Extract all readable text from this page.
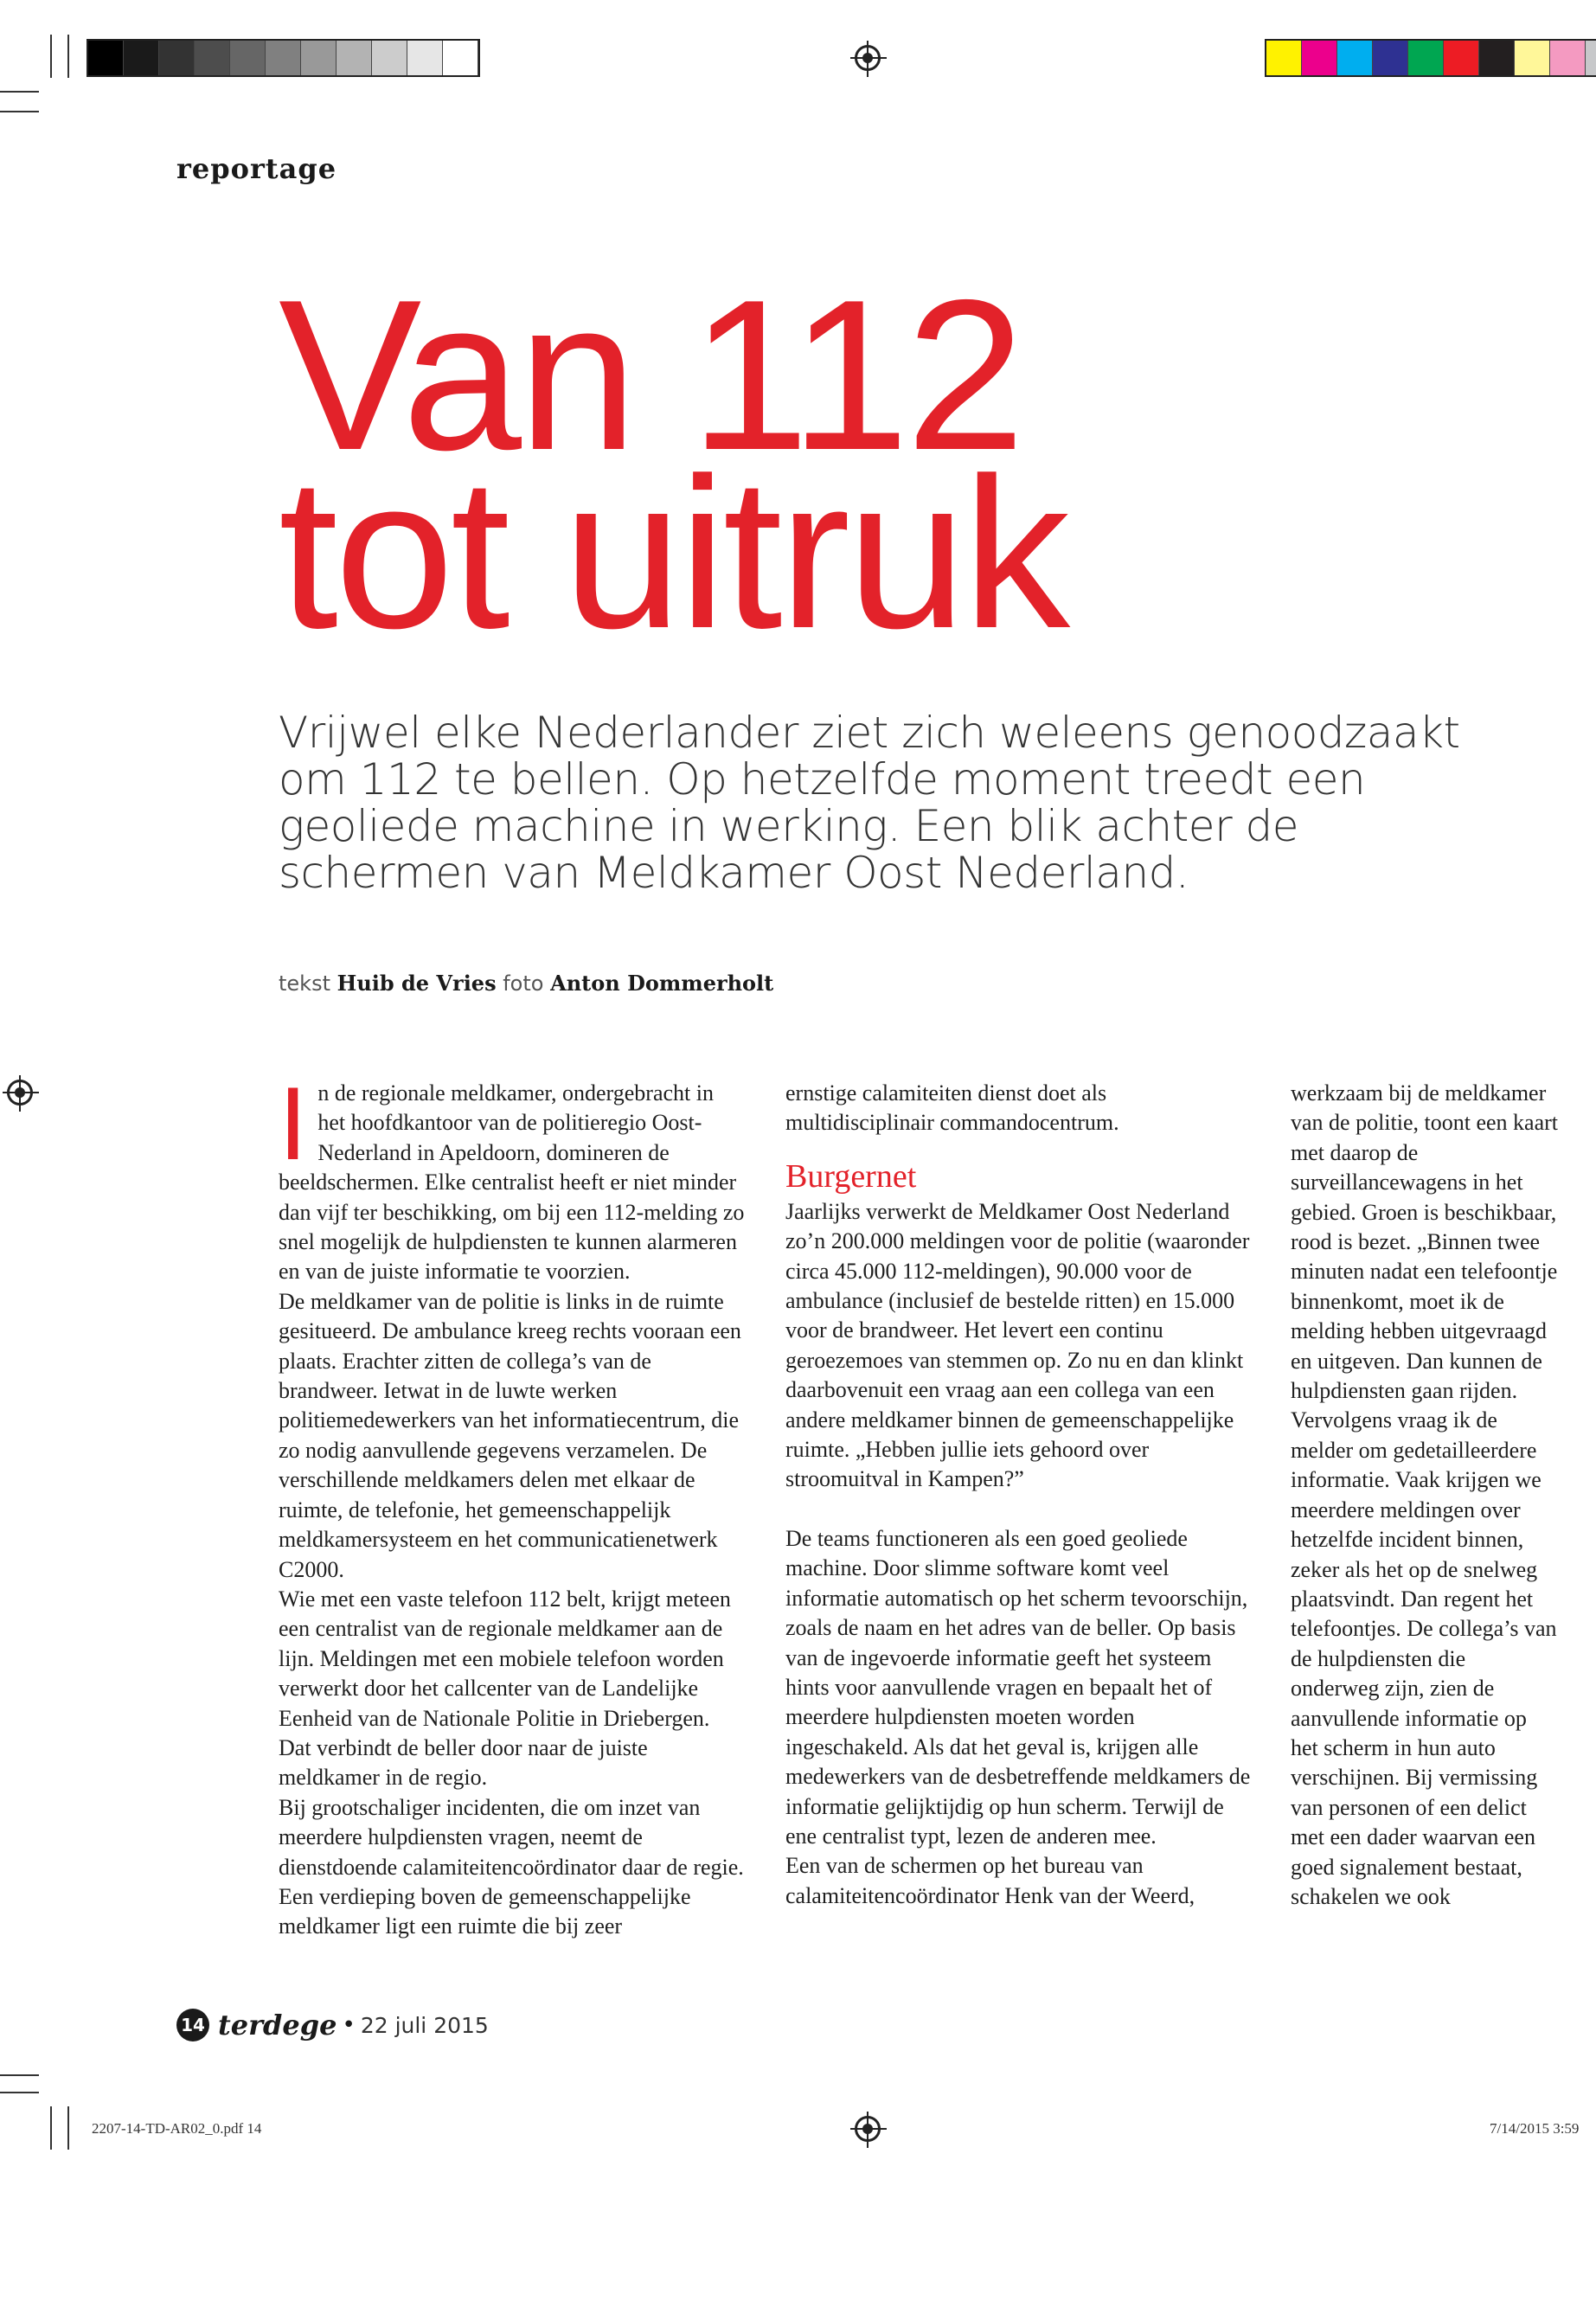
reportage
Van 112
tot uitruk
Vrijwel elke Nederlander ziet zich weleens genoodzaakt om 112 te bellen. Op hetzelfde moment treedt een geoliede machine in werking. Een blik achter de schermen van Meldkamer Oost Nederland.
tekst Huib de Vries foto Anton Dommerholt

In de regionale meldkamer, ondergebracht in het hoofdkantoor van de politieregio Oost-Nederland in Apeldoorn, domineren de beeldschermen. Elke centralist heeft er niet minder dan vijf ter beschikking, om bij een 112-melding zo snel mogelijk de hulpdiensten te kunnen alarmeren en van de juiste informatie te voorzien.

De meldkamer van de politie is links in de ruimte gesitueerd. De ambulance kreeg rechts vooraan een plaats. Erachter zitten de collega’s van de brandweer. Ietwat in de luwte werken politiemedewerkers van het informatiecentrum, die zo nodig aanvullende gegevens verzamelen. De verschillende meldkamers delen met elkaar de ruimte, de telefonie, het gemeenschappelijk meldkamersysteem en het communicatienetwerk C2000.

Wie met een vaste telefoon 112 belt, krijgt meteen een centralist van de regionale meldkamer aan de lijn. Meldingen met een mobiele telefoon worden verwerkt door het callcenter van de Landelijke Eenheid van de Nationale Politie in Driebergen. Dat verbindt de beller door naar de juiste meldkamer in de regio.

Bij grootschaliger incidenten, die om inzet van meerdere hulpdiensten vragen, neemt de dienstdoende calamiteitencoördinator daar de regie. Een verdieping boven de gemeenschappelijke meldkamer ligt een ruimte die bij zeer

ernstige calamiteiten dienst doet als multidisciplinair commandocentrum.

Burgernet

Jaarlijks verwerkt de Meldkamer Oost Nederland zo’n 200.000 meldingen voor de politie (waaronder circa 45.000 112-meldingen), 90.000 voor de ambulance (inclusief de bestelde ritten) en 15.000 voor de brandweer. Het levert een continu geroezemoes van stemmen op. Zo nu en dan klinkt daarbovenuit een vraag aan een collega van een andere meldkamer binnen de gemeenschappelijke ruimte. „Hebben jullie iets gehoord over stroomuitval in Kampen?”

De teams functioneren als een goed geoliede machine. Door slimme software komt veel informatie automatisch op het scherm tevoorschijn, zoals de naam en het adres van de beller. Op basis van de ingevoerde informatie geeft het systeem hints voor aanvullende vragen en bepaalt het of meerdere hulpdiensten moeten worden ingeschakeld. Als dat het geval is, krijgen alle medewerkers van de desbetreffende meldkamers de informatie gelijktijdig op hun scherm. Terwijl de ene centralist typt, lezen de anderen mee.

Een van de schermen op het bureau van calamiteitencoördinator Henk van der Weerd,

werkzaam bij de meldkamer van de politie, toont een kaart met daarop de surveillancewagens in het gebied. Groen is beschikbaar, rood is bezet. „Binnen twee minuten nadat een telefoontje binnenkomt, moet ik de melding hebben uitgevraagd en uitgeven. Dan kunnen de hulpdiensten gaan rijden. Vervolgens vraag ik de melder om gedetailleerdere informatie. Vaak krijgen we meerdere meldingen over hetzelfde incident binnen, zeker als het op de snelweg plaatsvindt. Dan regent het telefoontjes. De collega’s van de hulpdiensten die onderweg zijn, zien de aanvullende informatie op het scherm in hun auto verschijnen. Bij vermissing van personen of een delict met een dader waarvan een goed signalement bestaat, schakelen we ook

14 terdege • 22 juli 2015
2207-14-TD-AR02_0.pdf 14	7/14/2015 3:59
